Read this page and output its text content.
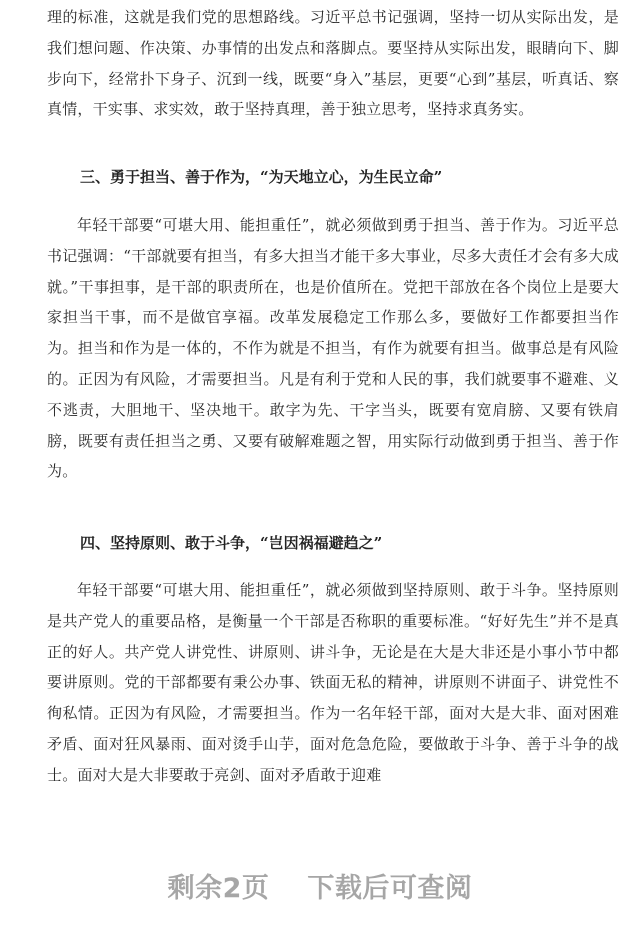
理的标准，这就是我们党的思想路线。习近平总书记强调，坚持一切从实际出发，是我们想问题、作决策、办事情的出发点和落脚点。要坚持从实际出发，眼睛向下、脚步向下，经常扑下身子、沉到一线，既要“身入”基层，更要“心到”基层，听真话、察真情，干实事、求实效，敢于坚持真理，善于独立思考，坚持求真务实。

三、勇于担当、善于作为，“为天地立心，为生民立命”

年轻干部要“可堪大用、能担重任”，就必须做到勇于担当、善于作为。习近平总书记强调：“干部就要有担当，有多大担当才能干多大事业，尽多大责任才会有多大成就。”干事担事，是干部的职责所在，也是价值所在。党把干部放在各个岗位上是要大家担当干事，而不是做官享福。改革发展稳定工作那么多，要做好工作都要担当作为。担当和作为是一体的，不作为就是不担当，有作为就要有担当。做事总是有风险的。正因为有风险，才需要担当。凡是有利于党和人民的事，我们就要事不避难、义不逃责，大胆地干、坚决地干。敢字为先、干字当头，既要有宽肩膀、又要有铁肩膀，既要有责任担当之勇、又要有破解难题之智，用实际行动做到勇于担当、善于作为。

四、坚持原则、敢于斗争，“岂因祸福避趋之”

年轻干部要“可堪大用、能担重任”，就必须做到坚持原则、敢于斗争。坚持原则是共产党人的重要品格，是衡量一个干部是否称职的重要标准。“好好先生”并不是真正的好人。共产党人讲党性、讲原则、讲斗争，无论是在大是大非还是小事小节中都要讲原则。党的干部都要有秉公办事、铁面无私的精神，讲原则不讲面子、讲党性不徇私情。正因为有风险，才需要担当。作为一名年轻干部，面对大是大非、面对困难矛盾、面对狂风暴雨、面对烫手山芋，面对危急危险，要做敢于斗争、善于斗争的战士。面对大是大非要敢于亮剑、面对矛盾敢于迎难

剩余2页 下载后可查阅
